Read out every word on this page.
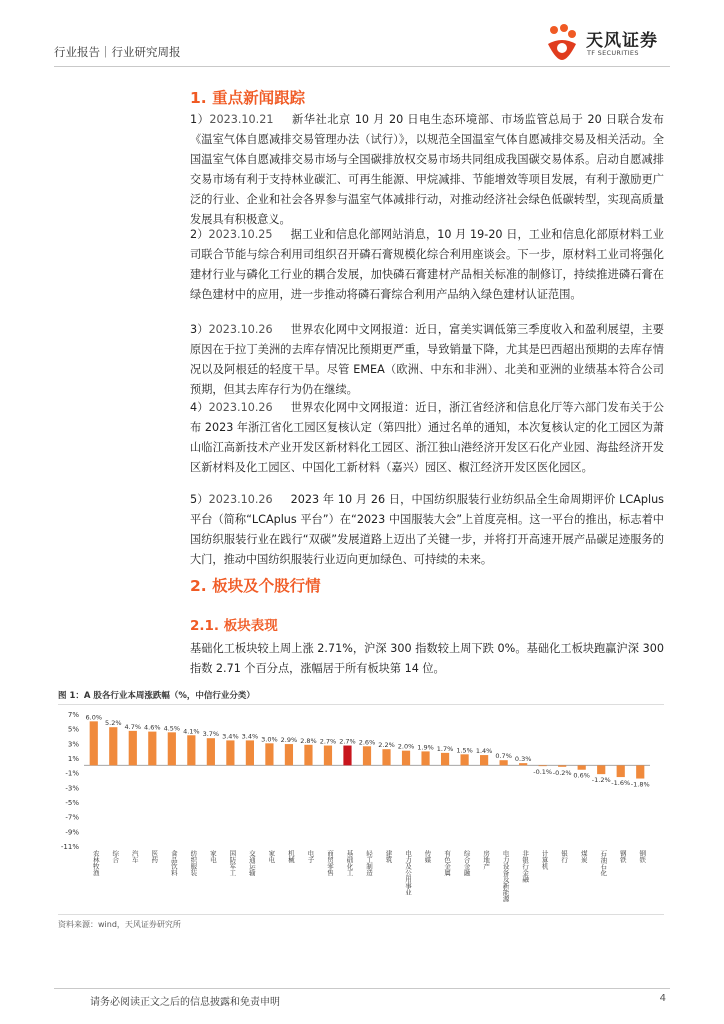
行业报告｜行业研究周报
天风证券
TF SECURITIES
1. 重点新闻跟踪

1）2023.10.21 新华社北京 10 月 20 日电生态环境部、市场监管总局于 20 日联合发布《温室气体自愿减排交易管理办法（试行）》，以规范全国温室气体自愿减排交易及相关活动。全国温室气体自愿减排交易市场与全国碳排放权交易市场共同组成我国碳交易体系。启动自愿减排交易市场有利于支持林业碳汇、可再生能源、甲烷减排、节能增效等项目发展，有利于激励更广泛的行业、企业和社会各界参与温室气体减排行动，对推动经济社会绿色低碳转型，实现高质量发展具有积极意义。

2）2023.10.25 据工业和信息化部网站消息，10 月 19-20 日，工业和信息化部原材料工业司联合节能与综合利用司组织召开磷石膏规模化综合利用座谈会。下一步，原材料工业司将强化建材行业与磷化工行业的耦合发展，加快磷石膏建材产品相关标准的制修订，持续推进磷石膏在绿色建材中的应用，进一步推动将磷石膏综合利用产品纳入绿色建材认证范围。

3）2023.10.26 世界农化网中文网报道：近日，富美实调低第三季度收入和盈利展望，主要原因在于拉丁美洲的去库存情况比预期更严重，导致销量下降，尤其是巴西超出预期的去库存情况以及阿根廷的轻度干旱。尽管 EMEA（欧洲、中东和非洲）、北美和亚洲的业绩基本符合公司预期，但其去库存行为仍在继续。

4）2023.10.26 世界农化网中文网报道：近日，浙江省经济和信息化厅等六部门发布关于公布 2023 年浙江省化工园区复核认定（第四批）通过名单的通知，本次复核认定的化工园区为萧山临江高新技术产业开发区新材料化工园区、浙江独山港经济开发区石化产业园、海盐经济开发区新材料及化工园区、中国化工新材料（嘉兴）园区、椒江经济开发区医化园区。

5）2023.10.26 2023 年 10 月 26 日，中国纺织服装行业纺织品全生命周期评价 LCAplus 平台（简称“LCAplus 平台”）在“2023 中国服装大会”上首度亮相。这一平台的推出，标志着中国纺织服装行业在践行“双碳”发展道路上迈出了关键一步，并将打开高速开展产品碳足迹服务的大门，推动中国纺织服装行业迈向更加绿色、可持续的未来。

2. 板块及个股行情
2.1. 板块表现

基础化工板块较上周上涨 2.71%，沪深 300 指数较上周下跌 0%。基础化工板块跑赢沪深 300 指数 2.71 个百分点，涨幅居于所有板块第 14 位。

图 1：A 股各行业本周涨跌幅（%，中信行业分类）
7%
5%
3%
1%
-1%
-3%
-5%
-7%
-9%
-11%
6.0%
农林牧渔
5.2%
综合
4.7%
汽车
4.6%
医药
4.5%
食品饮料
4.1%
纺织服装
3.7%
家电
3.4%
国防军工
3.4%
交通运输
3.0%
家电
2.9%
机械
2.8%
电子
2.7%
商贸零售
2.7%
基础化工
2.6%
轻工制造
2.2%
建筑
2.0%
电力及公用事业
1.9%
传媒
1.7%
有色金属
1.5%
综合金融
1.4%
房地产
0.7%
电力设备及新能源
0.3%
非银行金融
-0.1%
计算机
-0.2%
银行
0.6%
煤炭
-1.2%
石油石化
-1.6%
钢铁
-1.8%
钢铁
资料来源：wind，天风证券研究所
请务必阅读正文之后的信息披露和免责申明	4
